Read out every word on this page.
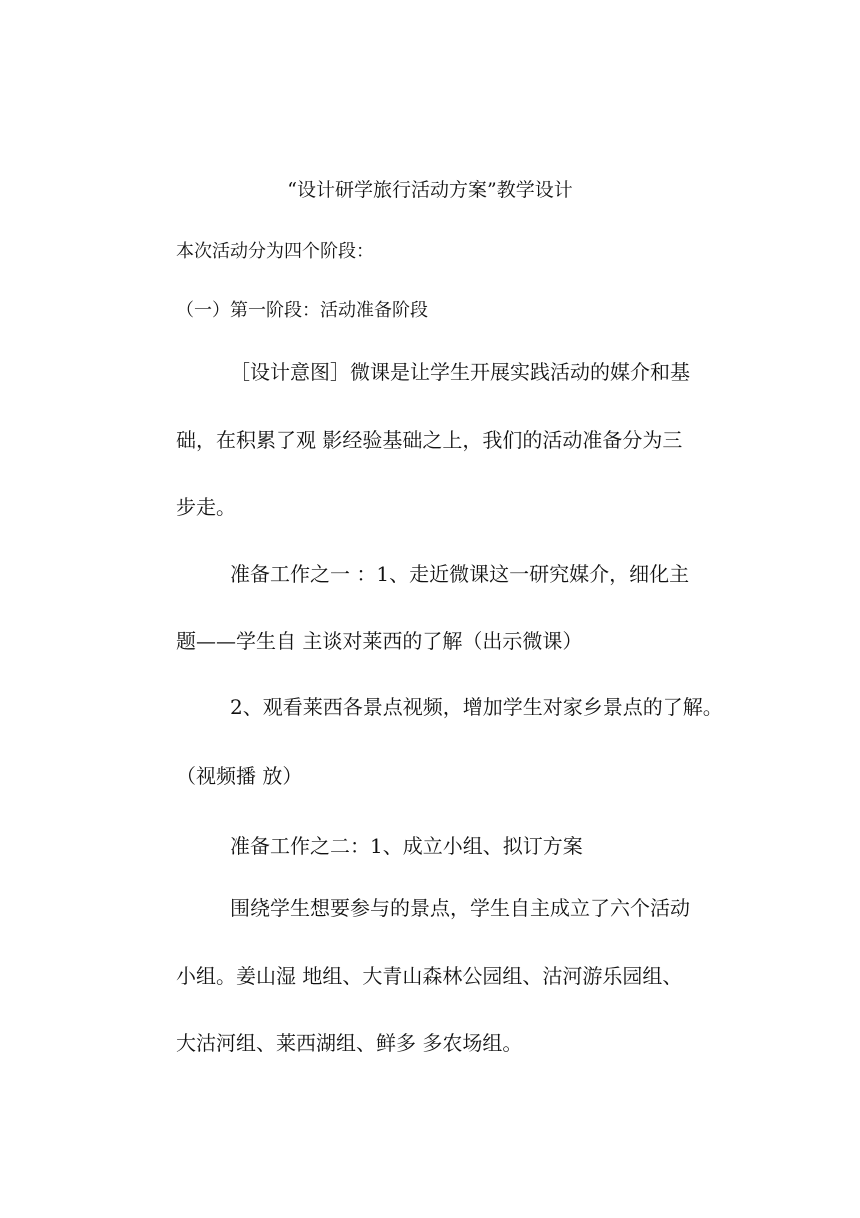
“设计研学旅行活动方案”教学设计
本次活动分为四个阶段：
（一）第一阶段：活动准备阶段
［设计意图］微课是让学生开展实践活动的媒介和基
础，在积累了观 影经验基础之上，我们的活动准备分为三
步走。
准备工作之一 ：1、走近微课这一研究媒介，细化主
题——学生自 主谈对莱西的了解（出示微课）
2、观看莱西各景点视频，增加学生对家乡景点的了解。
（视频播 放）
准备工作之二：1、成立小组、拟订方案
围绕学生想要参与的景点，学生自主成立了六个活动
小组。姜山湿 地组、大青山森林公园组、沽河游乐园组、
大沽河组、莱西湖组、鲜多 多农场组。
